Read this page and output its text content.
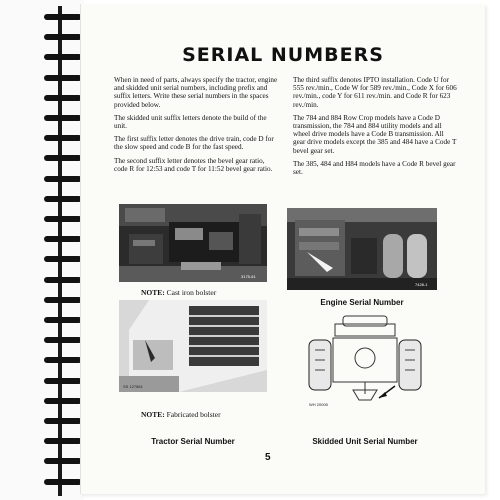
SERIAL NUMBERS

When in need of parts, always specify the tractor, engine and skidded unit serial numbers, including prefix and suffix letters. Write these serial numbers in the spaces provided below.

The skidded unit suffix letters denote the build of the unit.

The first suffix letter denotes the drive train, code D for the slow speed and code B for the fast speed.

The second suffix letter denotes the bevel gear ratio, code R for 12:53 and code T for 11:52 bevel gear ratio.

The third suffix denotes IPTO installation. Code U for 555 rev./min., Code W for 589 rev./min., Code X for 606 rev./min., code Y for 611 rev./min. and Code R for 623 rev./min.

The 784 and 884 Row Crop models have a Code D transmission, the 784 and 884 utility models and all wheel drive models have a Code B transmission. All gear drive models except the 385 and 484 have a Code T bevel gear set.

The 385, 484 and H84 models have a Code R bevel gear set.

3175-61
NOTE: Cast iron bolster
7428-1
Engine Serial Number
SS 127861
NOTE: Fabricated bolster
WH 20005
Tractor Serial Number	Skidded Unit Serial Number
5
